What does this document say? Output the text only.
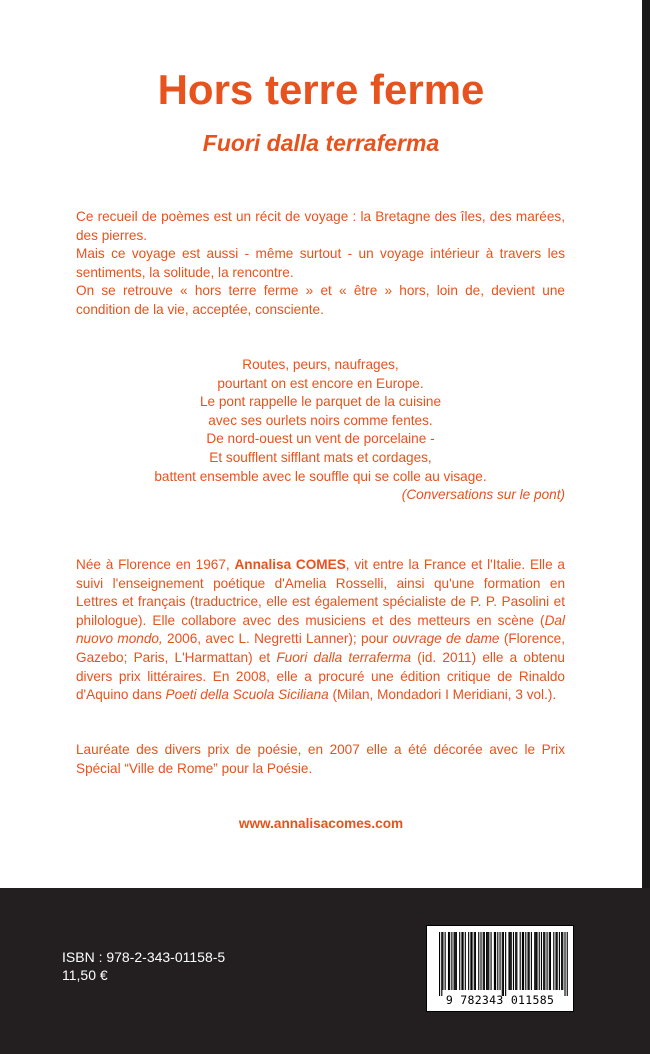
Hors terre ferme
Fuori dalla terraferma

Ce recueil de poèmes est un récit de voyage : la Bretagne des îles, des marées, des pierres.

Mais ce voyage est aussi - même surtout - un voyage intérieur à travers les sentiments, la solitude, la rencontre.

On se retrouve « hors terre ferme » et « être » hors, loin de, devient une condition de la vie, acceptée, consciente.

Routes, peurs, naufrages,
pourtant on est encore en Europe.
Le pont rappelle le parquet de la cuisine
avec ses ourlets noirs comme fentes.
De nord-ouest un vent de porcelaine -
Et soufflent sifflant mats et cordages,
battent ensemble avec le souffle qui se colle au visage.
(Conversations sur le pont)

Née à Florence en 1967, Annalisa COMES, vit entre la France et l'Italie. Elle a suivi l'enseignement poétique d'Amelia Rosselli, ainsi qu'une formation en Lettres et français (traductrice, elle est également spécialiste de P. P. Pasolini et philologue). Elle collabore avec des musiciens et des metteurs en scène (Dal nuovo mondo, 2006, avec L. Negretti Lanner); pour ouvrage de dame (Florence, Gazebo; Paris, L'Harmattan) et Fuori dalla terraferma (id. 2011) elle a obtenu divers prix littéraires. En 2008, elle a procuré une édition critique de Rinaldo d'Aquino dans Poeti della Scuola Siciliana (Milan, Mondadori I Meridiani, 3 vol.).

Lauréate des divers prix de poésie, en 2007 elle a été décorée avec le Prix Spécial “Ville de Rome” pour la Poésie.

www.annalisacomes.com
ISBN : 978-2-343-01158-5
11,50 €
9 782343 011585
